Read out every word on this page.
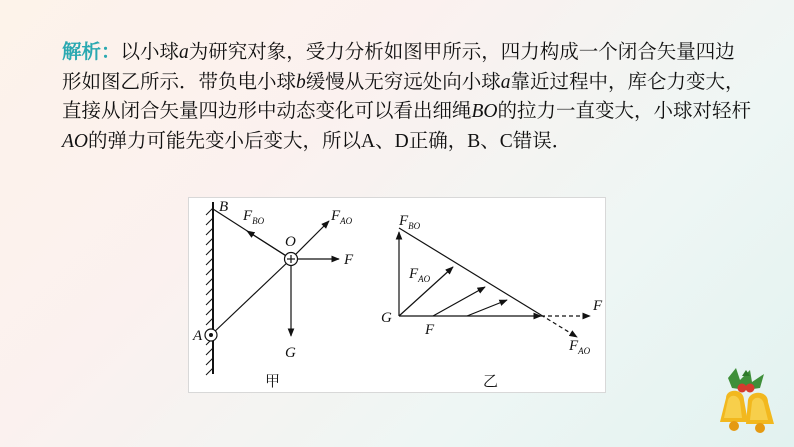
解析：以小球a为研究对象，受力分析如图甲所示，四力构成一个闭合矢量四边形如图乙所示．带负电小球b缓慢从无穷远处向小球a靠近过程中，库仑力变大，直接从闭合矢量四边形中动态变化可以看出细绳BO的拉力一直变大，小球对轻杆AO的弹力可能先变小后变大，所以A、D正确，B、C错误．
B
O
A
$F_{BO}$	$F_{AO}$
F
G
甲
$F_{BO}$
$F_{AO}$
G
F
F
$F_{AO}$
乙
